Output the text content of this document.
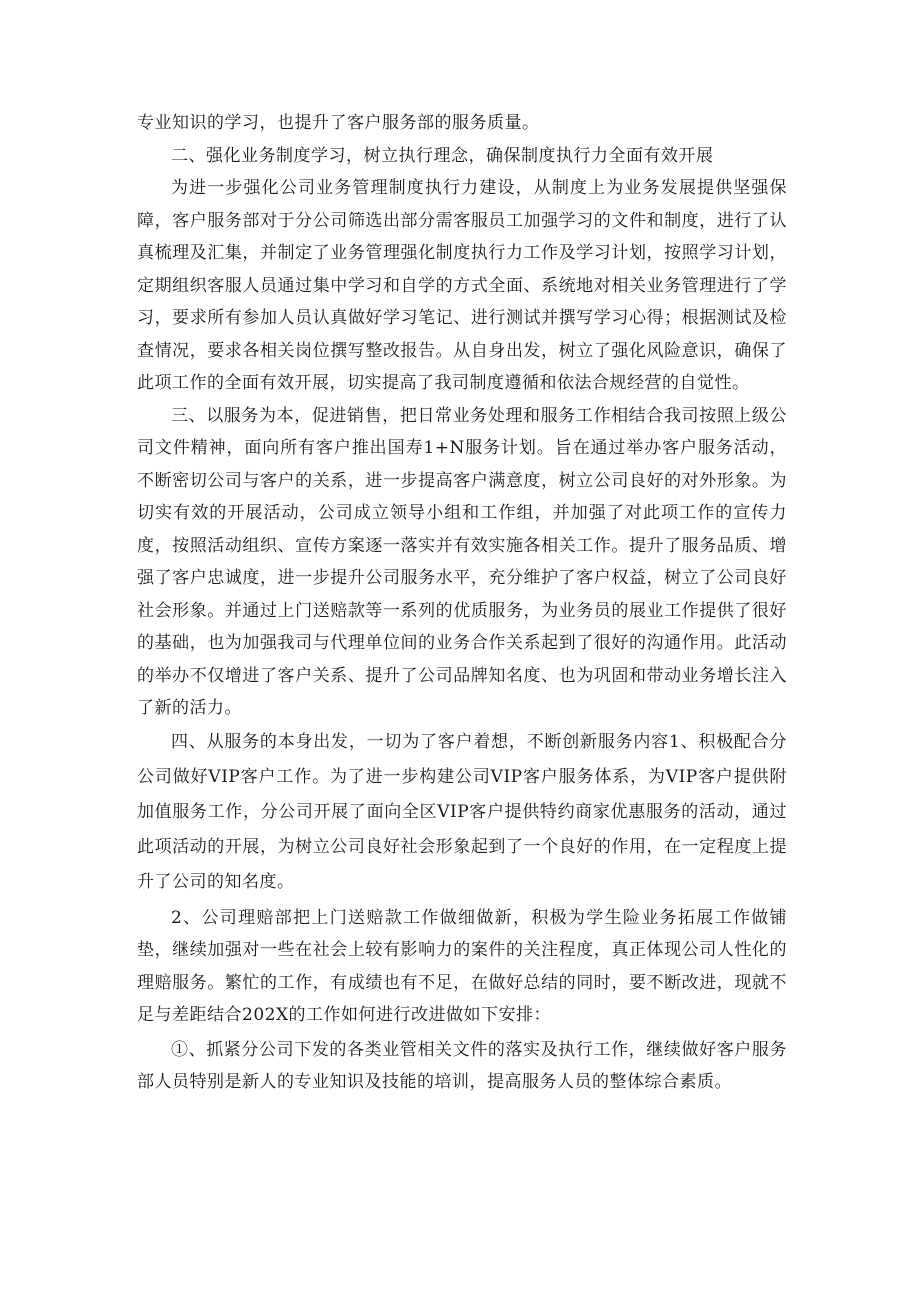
专业知识的学习，也提升了客户服务部的服务质量。

二、强化业务制度学习，树立执行理念，确保制度执行力全面有效开展

为进一步强化公司业务管理制度执行力建设，从制度上为业务发展提供坚强保障，客户服务部对于分公司筛选出部分需客服员工加强学习的文件和制度，进行了认真梳理及汇集，并制定了业务管理强化制度执行力工作及学习计划，按照学习计划，定期组织客服人员通过集中学习和自学的方式全面、系统地对相关业务管理进行了学习，要求所有参加人员认真做好学习笔记、进行测试并撰写学习心得；根据测试及检查情况，要求各相关岗位撰写整改报告。从自身出发，树立了强化风险意识，确保了此项工作的全面有效开展，切实提高了我司制度遵循和依法合规经营的自觉性。

三、以服务为本，促进销售，把日常业务处理和服务工作相结合我司按照上级公司文件精神，面向所有客户推出国寿1+N服务计划。旨在通过举办客户服务活动，不断密切公司与客户的关系，进一步提高客户满意度，树立公司良好的对外形象。为切实有效的开展活动，公司成立领导小组和工作组，并加强了对此项工作的宣传力度，按照活动组织、宣传方案逐一落实并有效实施各相关工作。提升了服务品质、增强了客户忠诚度，进一步提升公司服务水平，充分维护了客户权益，树立了公司良好社会形象。并通过上门送赔款等一系列的优质服务，为业务员的展业工作提供了很好的基础，也为加强我司与代理单位间的业务合作关系起到了很好的沟通作用。此活动的举办不仅增进了客户关系、提升了公司品牌知名度、也为巩固和带动业务增长注入了新的活力。

四、从服务的本身出发，一切为了客户着想，不断创新服务内容1、积极配合分公司做好VIP客户工作。为了进一步构建公司VIP客户服务体系，为VIP客户提供附加值服务工作，分公司开展了面向全区VIP客户提供特约商家优惠服务的活动，通过此项活动的开展，为树立公司良好社会形象起到了一个良好的作用，在一定程度上提升了公司的知名度。

2、公司理赔部把上门送赔款工作做细做新，积极为学生险业务拓展工作做铺垫，继续加强对一些在社会上较有影响力的案件的关注程度，真正体现公司人性化的理赔服务。繁忙的工作，有成绩也有不足，在做好总结的同时，要不断改进，现就不足与差距结合202X的工作如何进行改进做如下安排：

①、抓紧分公司下发的各类业管相关文件的落实及执行工作，继续做好客户服务部人员特别是新人的专业知识及技能的培训，提高服务人员的整体综合素质。
